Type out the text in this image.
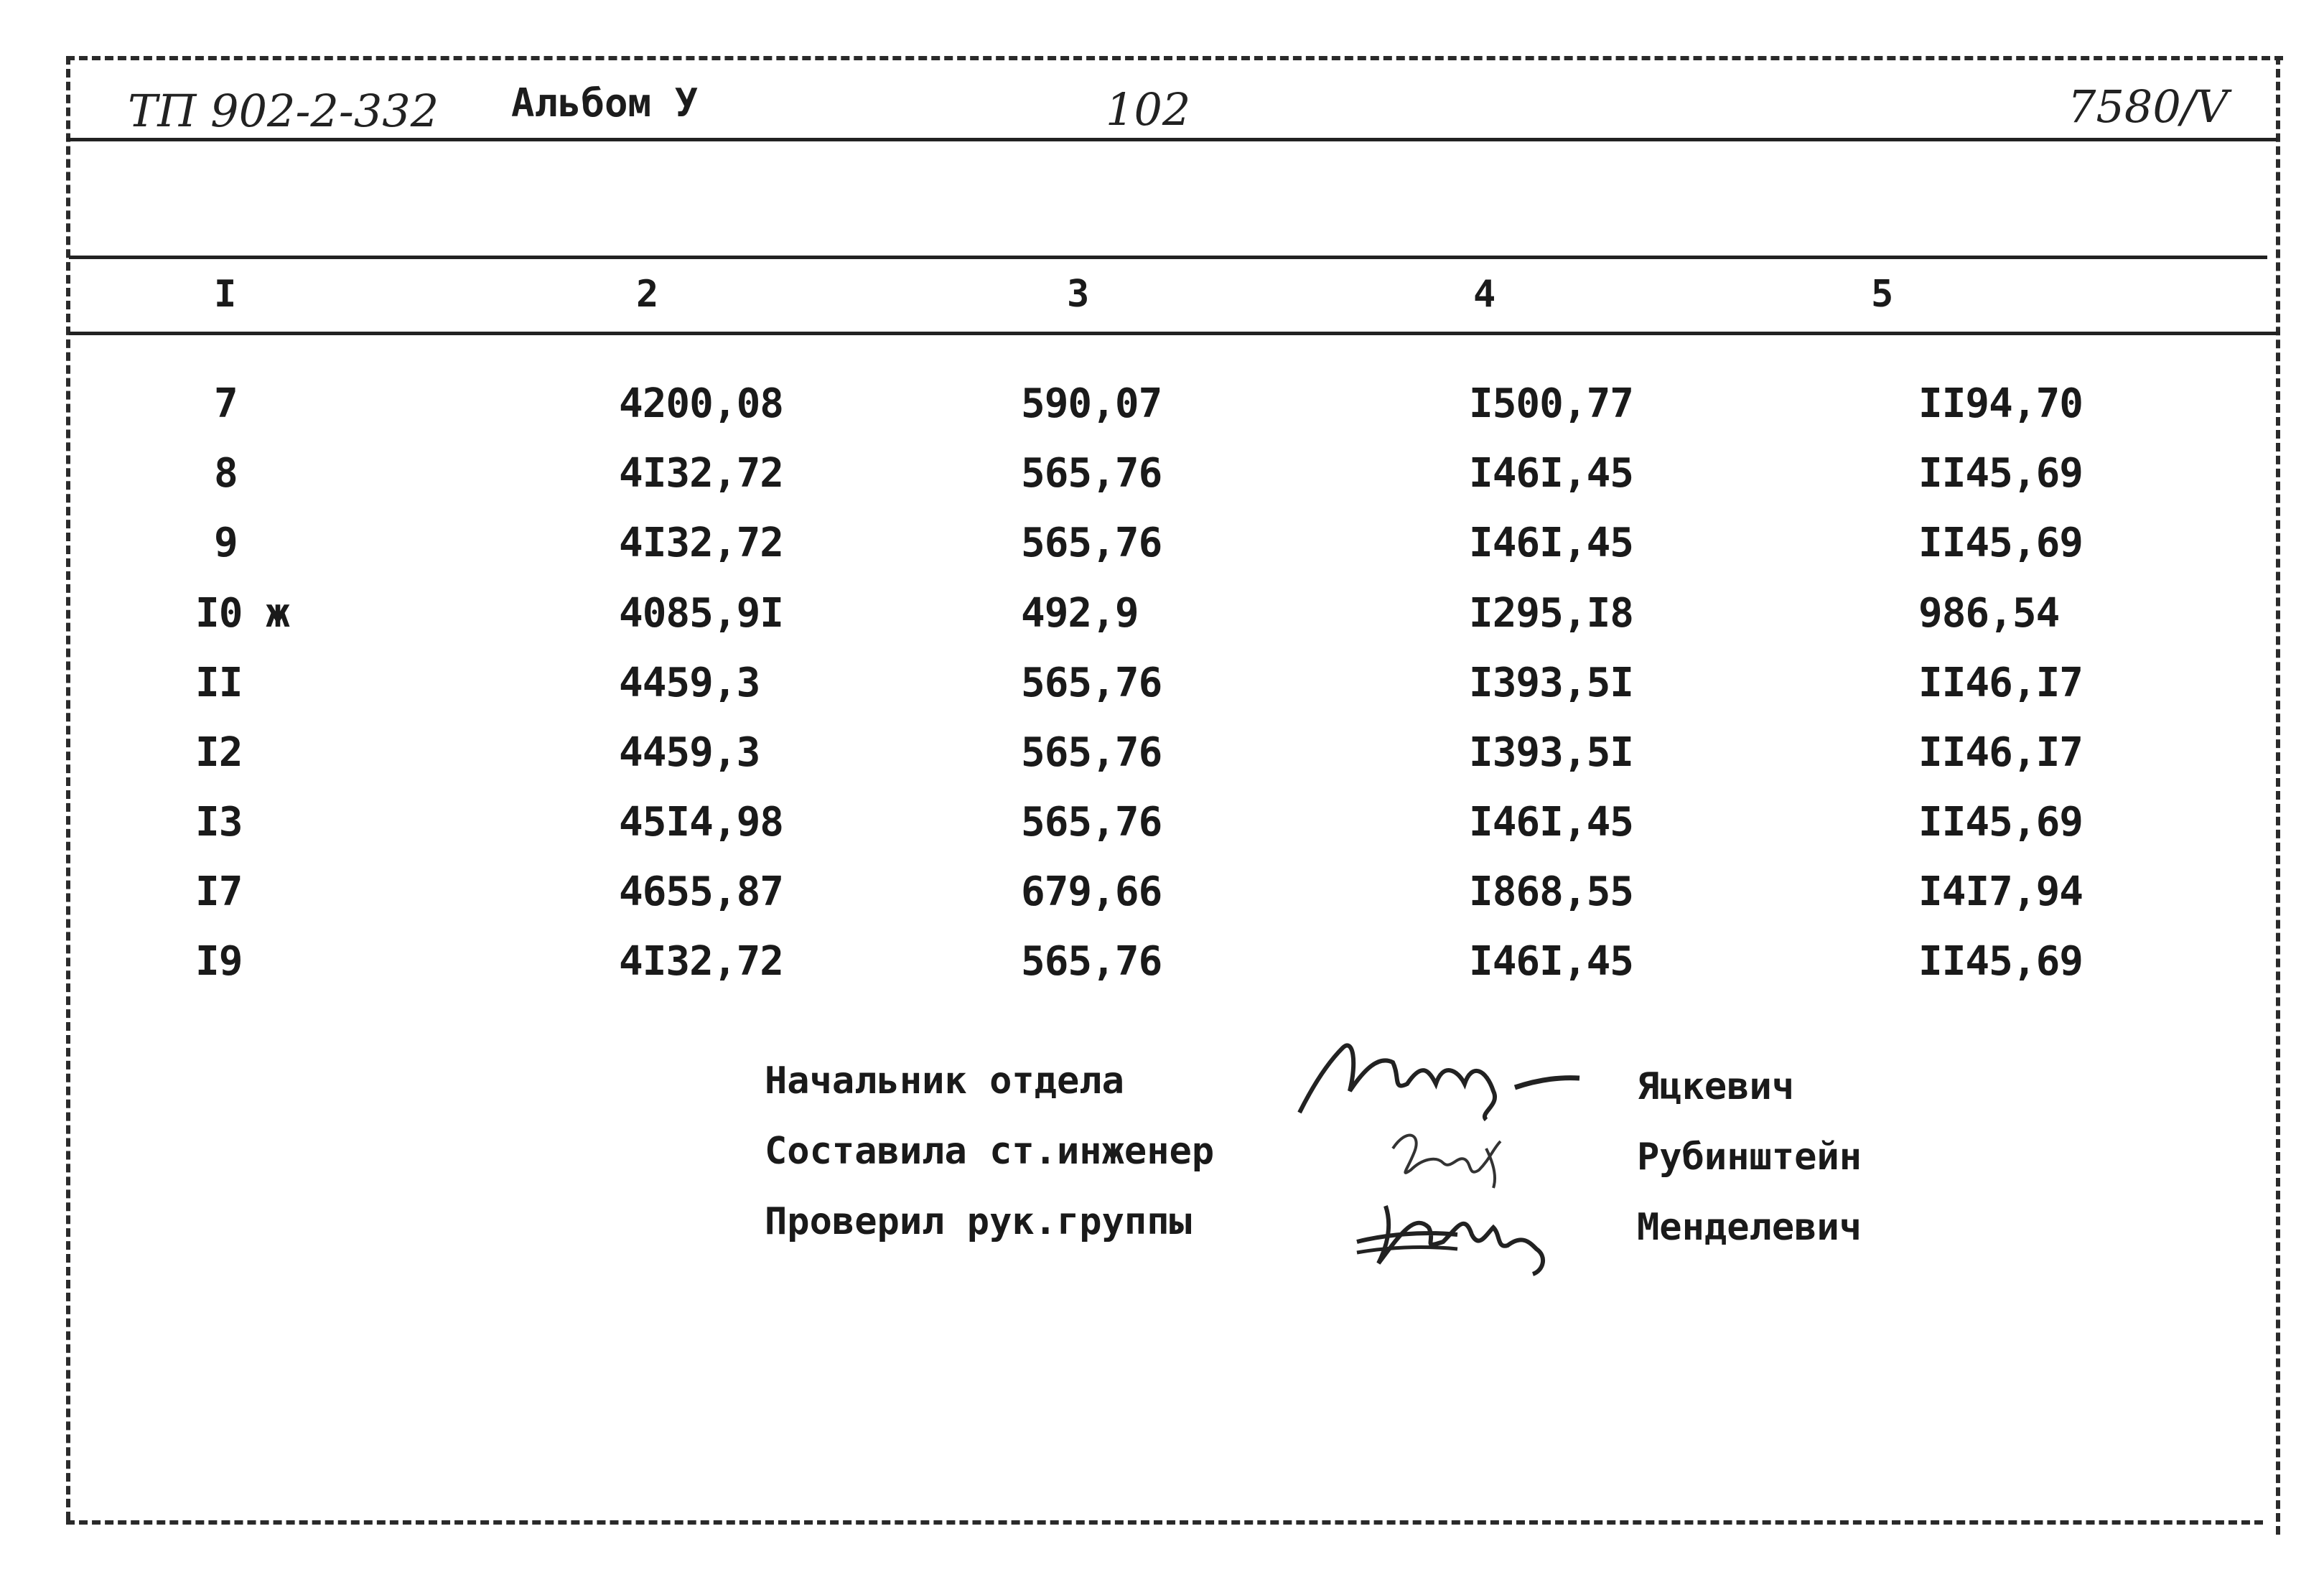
ТП 902-2-332 Альбом У	102	7580/V
I	2	3	4	5
7	4200,08	590,07	I500,77	II94,70
8	4I32,72	565,76	I46I,45	II45,69
9	4I32,72	565,76	I46I,45	II45,69
I0 ж	4085,9I	492,9	I295,I8	986,54
II	4459,3	565,76	I393,5I	II46,I7
I2	4459,3	565,76	I393,5I	II46,I7
I3	45I4,98	565,76	I46I,45	II45,69
I7	4655,87	679,66	I868,55	I4I7,94
I9	4I32,72	565,76	I46I,45	II45,69
Начальник отдела
Составила ст.инженер
Проверил рук.группы
Яцкевич
Рубинштейн
Менделевич
